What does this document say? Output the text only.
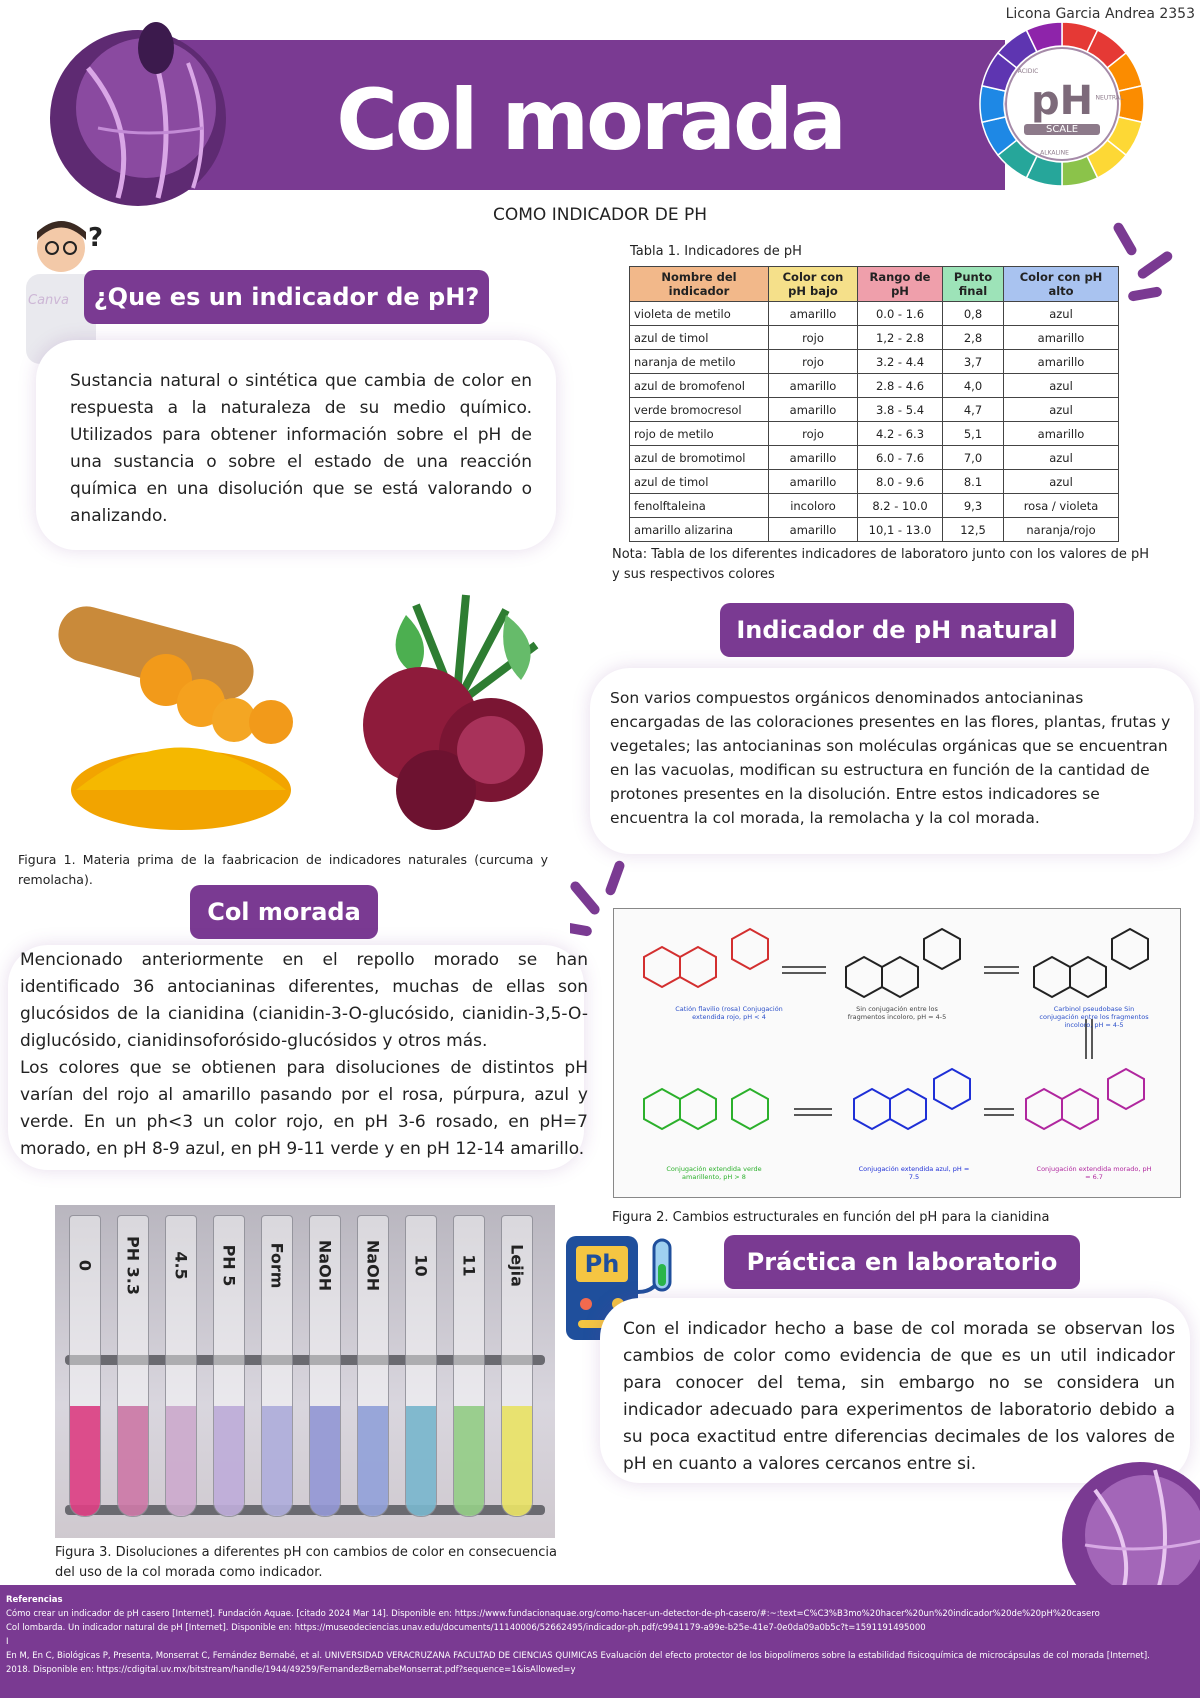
Licona Garcia Andrea 2353
Col morada	ACIDIC
NEUTRAL
ALKALINE
pH
SCALE
COMO INDICADOR DE PH
?
Canva	¿Que es un indicador de pH?
Sustancia natural o sintética que cambia de color en respuesta a la naturaleza de su medio químico. Utilizados para obtener información sobre el pH de una sustancia o sobre el estado de una reacción química en una disolución que se está valorando o analizando.
Tabla 1. Indicadores de pH
Nombre del indicador	Color con pH bajo	Rango de pH	Punto final	Color con pH alto
violeta de metilo	amarillo	0.0 - 1.6	0,8	azul
azul de timol	rojo	1,2 - 2.8	2,8	amarillo
naranja de metilo	rojo	3.2 - 4.4	3,7	amarillo
azul de bromofenol	amarillo	2.8 - 4.6	4,0	azul
verde bromocresol	amarillo	3.8 - 5.4	4,7	azul
rojo de metilo	rojo	4.2 - 6.3	5,1	amarillo
azul de bromotimol	amarillo	6.0 - 7.6	7,0	azul
azul de timol	amarillo	8.0 - 9.6	8.1	azul
fenolftaleina	incoloro	8.2 - 10.0	9,3	rosa / violeta
amarillo alizarina	amarillo	10,1 - 13.0	12,5	naranja/rojo
Nota: Tabla de los diferentes indicadores de laboratoro junto con los valores de pH y sus respectivos colores
Indicador de pH natural
Son varios compuestos orgánicos denominados antocianinas encargadas de las coloraciones presentes en las flores, plantas, frutas y vegetales; las antocianinas son moléculas orgánicas que se encuentran en las vacuolas, modifican su estructura en función de la cantidad de protones presentes en la disolución. Entre estos indicadores se encuentra la col morada, la remolacha y la col morada.
Figura 1. Materia prima de la faabricacion de indicadores naturales (curcuma y remolacha).
Col morada
Mencionado anteriormente en el repollo morado se han identificado 36 antocianinas diferentes, muchas de ellas son glucósidos de la cianidina (cianidin-3-O-glucósido, cianidin-3,5-O-diglucósido, cianidinsoforósido-glucósidos y otros más.
Los colores que se obtienen para disoluciones de distintos pH varían del rojo al amarillo pasando por el rosa, púrpura, azul y verde. En un ph<3 un color rojo, en pH 3-6 rosado, en pH=7 morado, en pH 8-9 azul, en pH 9-11 verde y en pH 12-14 amarillo.
Catión flavilio (rosa) Conjugación extendida rojo, pH < 4
Sin conjugación entre los fragmentos incoloro, pH = 4-5
Carbinol pseudobase Sin conjugación entre los fragmentos incoloro, pH = 4-5
Conjugación extendida verde amarillento, pH > 8
Conjugación extendida azul, pH = 7.5
Conjugación extendida morado, pH = 6.7
Figura 2. Cambios estructurales en función del pH para la cianidina
0 PH 3.3 4.5 PH 5 Form NaOH NaOH 10 11 Lejia
Figura 3. Disoluciones a diferentes pH con cambios de color en consecuencia del uso de la col morada como indicador.
Ph	Práctica en laboratorio
Con el indicador hecho a base de col morada se observan los cambios de color como evidencia de que es un util indicador para conocer del tema, sin embargo no se considera un indicador adecuado para experimentos de laboratorio debido a su poca exactitud entre diferencias decimales de los valores de pH en cuanto a valores cercanos entre si.
Referencias
Cómo crear un indicador de pH casero [Internet]. Fundación Aquae. [citado 2024 Mar 14]. Disponible en: https://www.fundacionaquae.org/como-hacer-un-detector-de-ph-casero/#:~:text=C%C3%B3mo%20hacer%20un%20indicador%20de%20pH%20casero
Col lombarda. Un indicador natural de pH [Internet]. Disponible en: https://museodeciencias.unav.edu/documents/11140006/52662495/indicador-ph.pdf/c9941179-a99e-b25e-41e7-0e0da09a0b5c?t=1591191495000
I
En M, En C, Biológicas P, Presenta, Monserrat C, Fernández Bernabé, et al. UNIVERSIDAD VERACRUZANA FACULTAD DE CIENCIAS QUIMICAS Evaluación del efecto protector de los biopolímeros sobre la estabilidad fisicoquímica de microcápsulas de col morada [Internet].
2018. Disponible en: https://cdigital.uv.mx/bitstream/handle/1944/49259/FernandezBernabeMonserrat.pdf?sequence=1&isAllowed=y
